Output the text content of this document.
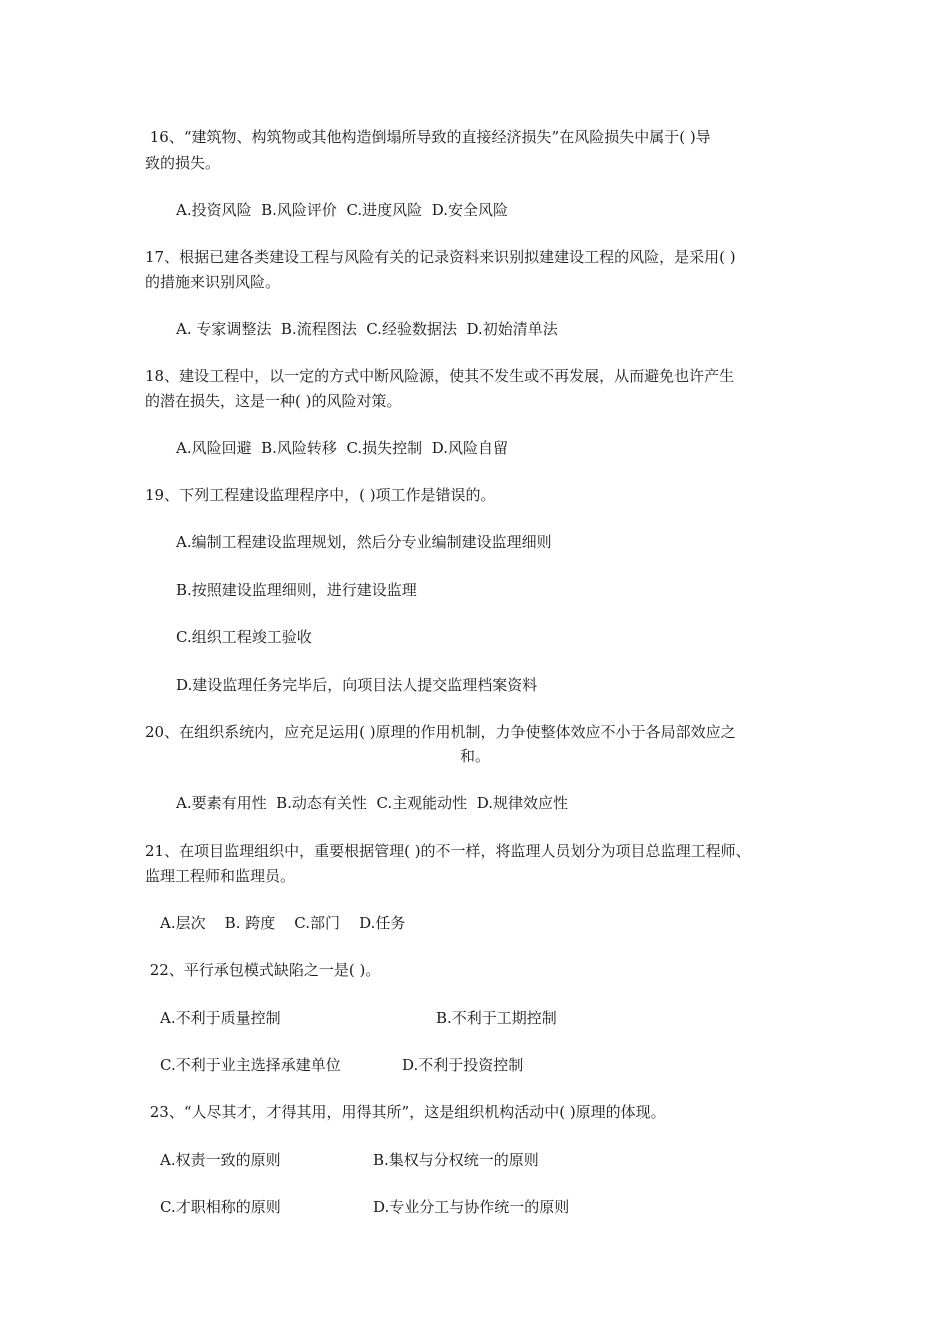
16、“建筑物、构筑物或其他构造倒塌所导致的直接经济损失”在风险损失中属于( )导
致的损失。
A.投资风险  B.风险评价  C.进度风险  D.安全风险
17、根据已建各类建设工程与风险有关的记录资料来识别拟建建设工程的风险，是采用( )
的措施来识别风险。
A. 专家调整法  B.流程图法  C.经验数据法  D.初始清单法
18、建设工程中，以一定的方式中断风险源，使其不发生或不再发展，从而避免也许产生
的潜在损失，这是一种( )的风险对策。
A.风险回避  B.风险转移  C.损失控制  D.风险自留
19、下列工程建设监理程序中，( )项工作是错误的。
A.编制工程建设监理规划，然后分专业编制建设监理细则
B.按照建设监理细则，进行建设监理
C.组织工程竣工验收
D.建设监理任务完毕后，向项目法人提交监理档案资料
20、在组织系统内，应充足运用( )原理的作用机制，力争使整体效应不小于各局部效应之
和。
A.要素有用性  B.动态有关性  C.主观能动性  D.规律效应性
21、在项目监理组织中，重要根据管理( )的不一样，将监理人员划分为项目总监理工程师、
监理工程师和监理员。
A.层次    B. 跨度    C.部门    D.任务
22、平行承包模式缺陷之一是( )。
A.不利于质量控制	B.不利于工期控制
C.不利于业主选择承建单位	D.不利于投资控制
23、“人尽其才，才得其用，用得其所”，这是组织机构活动中( )原理的体现。
A.权责一致的原则	B.集权与分权统一的原则
C.才职相称的原则	D.专业分工与协作统一的原则
